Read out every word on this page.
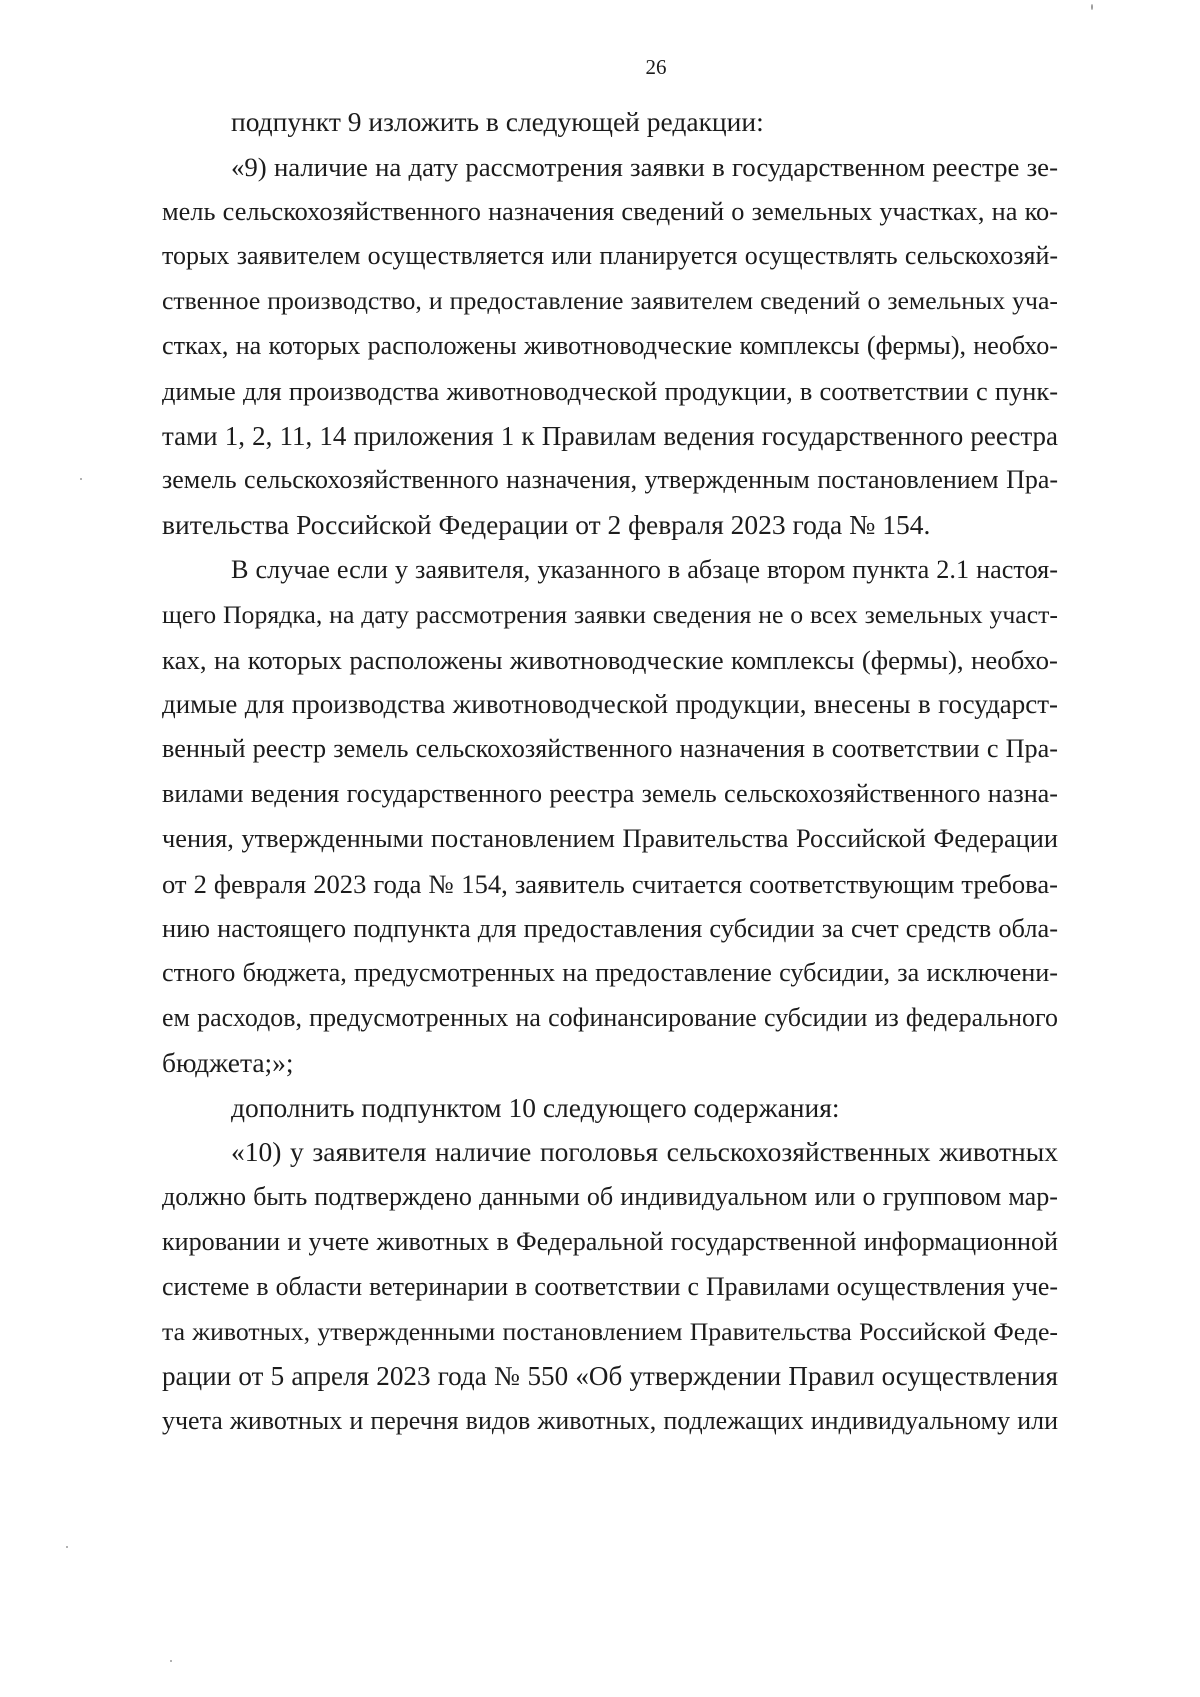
26
подпункт 9 изложить в следующей редакции:
«9) наличие на дату рассмотрения заявки в государственном реестре зе-
мель сельскохозяйственного назначения сведений о земельных участках, на ко-
торых заявителем осуществляется или планируется осуществлять сельскохозяй-
ственное производство, и предоставление заявителем сведений о земельных уча-
стках, на которых расположены животноводческие комплексы (фермы), необхо-
димые для производства животноводческой продукции, в соответствии с пунк-
тами 1, 2, 11, 14 приложения 1 к Правилам ведения государственного реестра
земель сельскохозяйственного назначения, утвержденным постановлением Пра-
вительства Российской Федерации от 2 февраля 2023 года № 154.
В случае если у заявителя, указанного в абзаце втором пункта 2.1 настоя-
щего Порядка, на дату рассмотрения заявки сведения не о всех земельных участ-
ках, на которых расположены животноводческие комплексы (фермы), необхо-
димые для производства животноводческой продукции, внесены в государст-
венный реестр земель сельскохозяйственного назначения в соответствии с Пра-
вилами ведения государственного реестра земель сельскохозяйственного назна-
чения, утвержденными постановлением Правительства Российской Федерации
от 2 февраля 2023 года № 154, заявитель считается соответствующим требова-
нию настоящего подпункта для предоставления субсидии за счет средств обла-
стного бюджета, предусмотренных на предоставление субсидии, за исключени-
ем расходов, предусмотренных на софинансирование субсидии из федерального
бюджета;»;
дополнить подпунктом 10 следующего содержания:
«10) у заявителя наличие поголовья сельскохозяйственных животных
должно быть подтверждено данными об индивидуальном или о групповом мар-
кировании и учете животных в Федеральной государственной информационной
системе в области ветеринарии в соответствии с Правилами осуществления уче-
та животных, утвержденными постановлением Правительства Российской Феде-
рации от 5 апреля 2023 года № 550 «Об утверждении Правил осуществления
учета животных и перечня видов животных, подлежащих индивидуальному или
